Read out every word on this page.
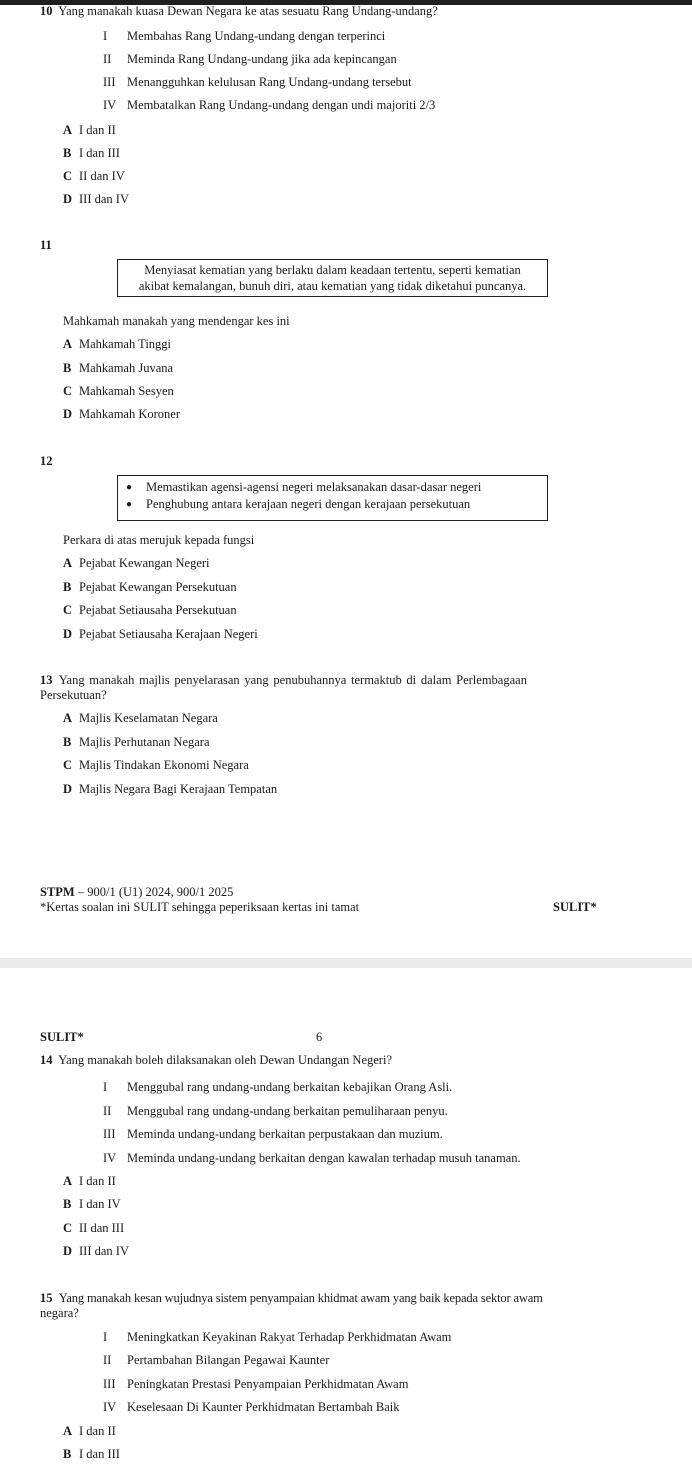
10 Yang manakah kuasa Dewan Negara ke atas sesuatu Rang Undang-undang?
I Membahas Rang Undang-undang dengan terperinci
II Meminda Rang Undang-undang jika ada kepincangan
III Menangguhkan kelulusan Rang Undang-undang tersebut
IV Membatalkan Rang Undang-undang dengan undi majoriti 2/3
A I dan II
B I dan III
C II dan IV
D III dan IV
11
Menyiasat kematian yang berlaku dalam keadaan tertentu, seperti kematian
akibat kemalangan, bunuh diri, atau kematian yang tidak diketahui puncanya.
Mahkamah manakah yang mendengar kes ini
A Mahkamah Tinggi
B Mahkamah Juvana
C Mahkamah Sesyen
D Mahkamah Koroner
12
● Memastikan agensi-agensi negeri melaksanakan dasar-dasar negeri
● Penghubung antara kerajaan negeri dengan kerajaan persekutuan
Perkara di atas merujuk kepada fungsi
A Pejabat Kewangan Negeri
B Pejabat Kewangan Persekutuan
C Pejabat Setiausaha Persekutuan
D Pejabat Setiausaha Kerajaan Negeri
13 Yang manakah majlis penyelarasan yang penubuhannya termaktub di dalam Perlembagaan
Persekutuan?
A Majlis Keselamatan Negara
B Majlis Perhutanan Negara
C Majlis Tindakan Ekonomi Negara
D Majlis Negara Bagi Kerajaan Tempatan
STPM – 900/1 (U1) 2024, 900/1 2025
*Kertas soalan ini SULIT sehingga peperiksaan kertas ini tamat	SULIT*
SULIT*	6
14 Yang manakah boleh dilaksanakan oleh Dewan Undangan Negeri?
I Menggubal rang undang-undang berkaitan kebajikan Orang Asli.
II Menggubal rang undang-undang berkaitan pemuliharaan penyu.
III Meminda undang-undang berkaitan perpustakaan dan muzium.
IV Meminda undang-undang berkaitan dengan kawalan terhadap musuh tanaman.
A I dan II
B I dan IV
C II dan III
D III dan IV
15 Yang manakah kesan wujudnya sistem penyampaian khidmat awam yang baik kepada sektor awam
negara?
I Meningkatkan Keyakinan Rakyat Terhadap Perkhidmatan Awam
II Pertambahan Bilangan Pegawai Kaunter
III Peningkatan Prestasi Penyampaian Perkhidmatan Awam
IV Keselesaan Di Kaunter Perkhidmatan Bertambah Baik
A I dan II
B I dan III
